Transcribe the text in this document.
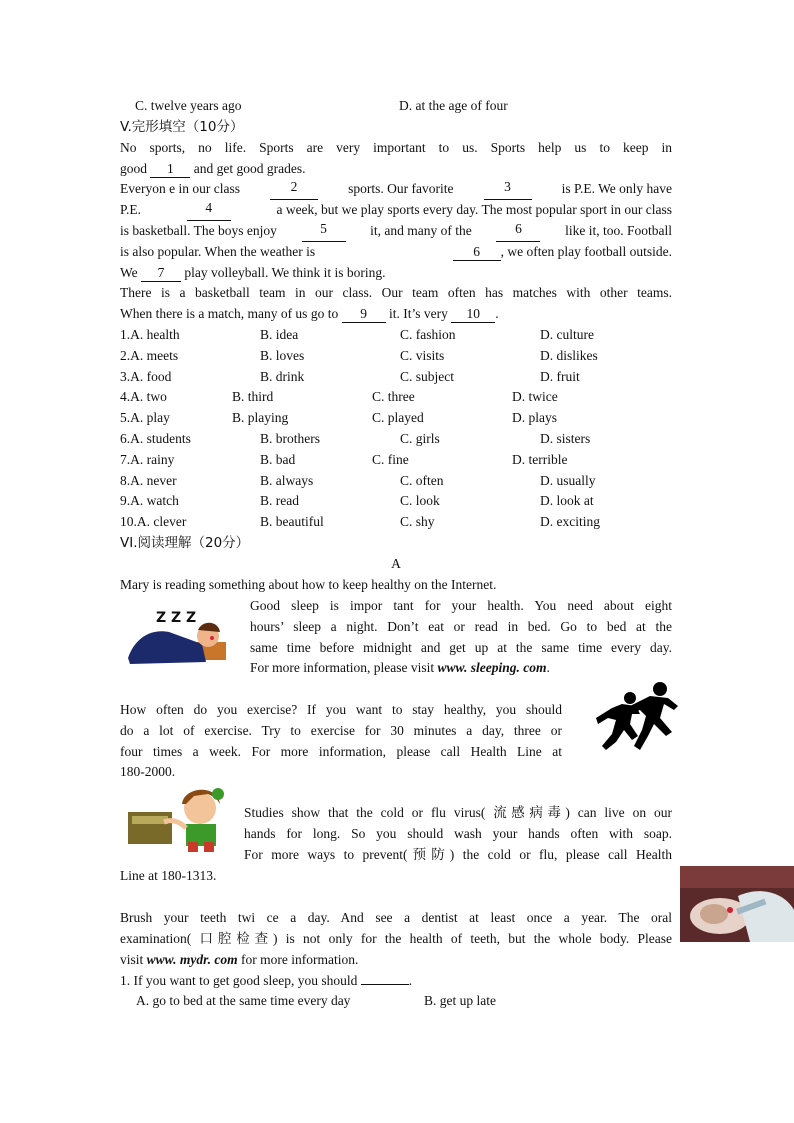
C. twelve years ago	D. at the age of four
V.完形填空（10分）
No sports, no life. Sports are very important to us. Sports help us to keep in
good 1 and get good grades.
Everyon e in our class	2	sports. Our favorite	3	is P.E. We only have
P.E.	4	a week, but we play sports every day. The most popular sport in our class
is basketball. The boys enjoy	5	it, and many of the	6	like it, too. Football
is also popular. When the weather is	6 , we often play football outside.
We 7 play volleyball. We think it is boring.
There is a basketball team in our class. Our team often has matches with other teams.
When there is a match, many of us go to 9 it. It’s very 10 .
1.A. health	B. idea	C. fashion	D. culture
2.A. meets	B. loves	C. visits	D. dislikes
3.A. food	B. drink	C. subject	D. fruit
4.A. two	B. third	C. three	D. twice
5.A. play	B. playing	C. played	D. plays
6.A. students	B. brothers	C. girls	D. sisters
7.A. rainy	B. bad	C. fine	D. terrible
8.A. never	B. always	C. often	D. usually
9.A. watch	B. read	C. look	D. look at
10.A. clever	B. beautiful	C. shy	D. exciting
VI.阅读理解（20分）
A
Mary is reading something about how to keep healthy on the Internet.
Z Z Z
Good sleep is impor tant for your health. You need about eight
hours’ sleep a night. Don’t eat or read in bed. Go to bed at the
same time before midnight and get up at the same time every day.
For more information, please visit www. sleeping. com.
How often do you exercise? If you want to stay healthy, you should
do a lot of exercise. Try to exercise for 30 minutes a day, three or
four times a week. For more information, please call Health Line at
180-2000.
Studies show that the cold or flu virus( 流感病毒) can live on our
hands for long. So you should wash your hands often with soap.
For more ways to prevent(预防) the cold or flu, please call Health
Line at 180-1313.
Brush your teeth twi ce a day. And see a dentist at least once a year. The oral
examination( 口腔检查) is not only for the health of teeth, but the whole body. Please
visit www. mydr. com for more information.
1. If you want to get good sleep, you should	.
A. go to bed at the same time every day	B. get up late
